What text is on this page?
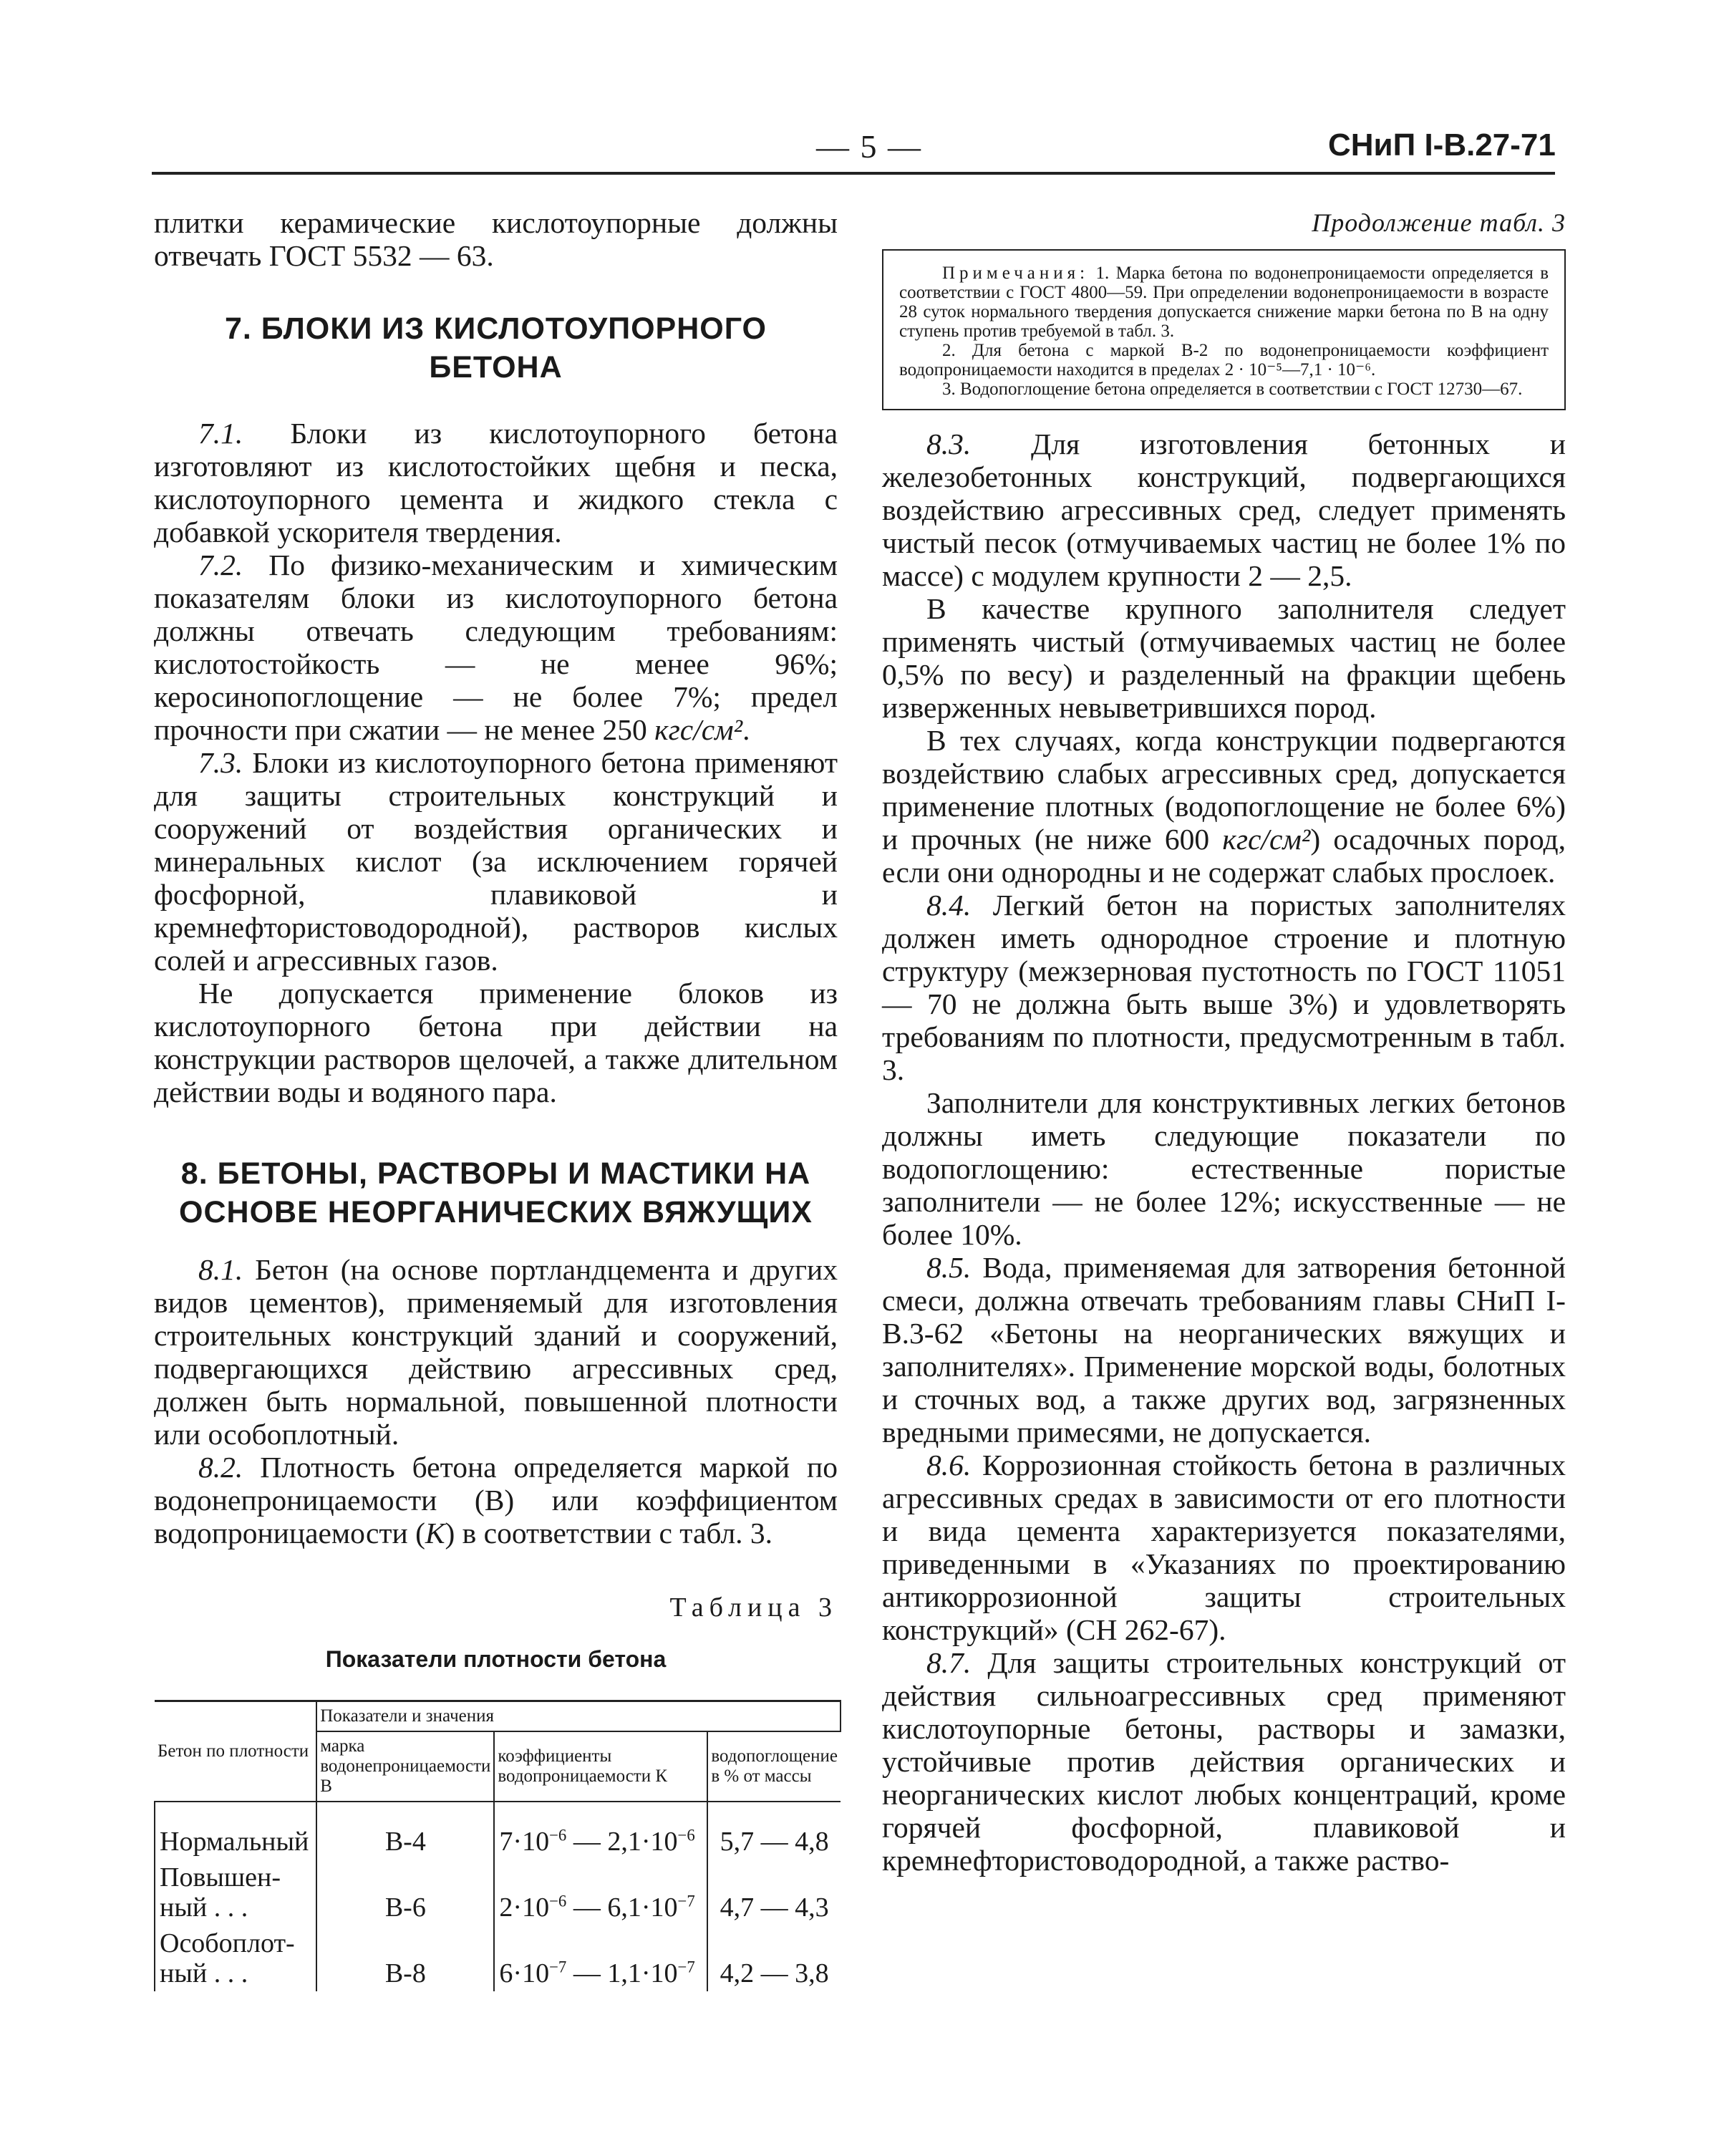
— 5 —	СНиП I-В.27-71

плитки керамические кислотоупорные должны отвечать ГОСТ 5532 — 63.

7. БЛОКИ ИЗ КИСЛОТОУПОРНОГО
БЕТОНА

7.1. Блоки из кислотоупорного бетона изготовляют из кислотостойких щебня и песка, кислотоупорного цемента и жидкого стекла с добавкой ускорителя твердения.

7.2. По физико-механическим и химическим показателям блоки из кислотоупорного бетона должны отвечать следующим требованиям: кислотостойкость — не менее 96%; керосинопоглощение — не более 7%; предел прочности при сжатии — не менее 250 кгс/см².

7.3. Блоки из кислотоупорного бетона применяют для защиты строительных конструкций и сооружений от воздействия органических и минеральных кислот (за исключением горячей фосфорной, плавиковой и кремнефтористоводородной), растворов кислых солей и агрессивных газов.

Не допускается применение блоков из кислотоупорного бетона при действии на конструкции растворов щелочей, а также длительном действии воды и водяного пара.

8. БЕТОНЫ, РАСТВОРЫ И МАСТИКИ НА
ОСНОВЕ НЕОРГАНИЧЕСКИХ ВЯЖУЩИХ

8.1. Бетон (на основе портландцемента и других видов цементов), применяемый для изготовления строительных конструкций зданий и сооружений, подвергающихся действию агрессивных сред, должен быть нормальной, повышенной плотности или особоплотный.

8.2. Плотность бетона определяется маркой по водонепроницаемости (В) или коэффициентом водопроницаемости (К) в соответствии с табл. 3.

Таблица 3
Показатели плотности бетона
Бетон по плотности	Показатели и значения		
	марка водонепроницаемости В	коэффициенты водопроницаемости К	водопоглощение в % от массы
Нормальный	В-4	$7\cdot 10^{-6}$ — $2,1\cdot 10^{-6}$	5,7 — 4,8
Повышен-
ный . . .	В-6	$2\cdot 10^{-6}$ — $6,1\cdot 10^{-7}$	4,7 — 4,3
Особоплот-
ный . . .	В-8	$6\cdot 10^{-7}$ — $1,1\cdot 10^{-7}$	4,2 — 3,8
Продолжение табл. 3

Примечания: 1. Марка бетона по водонепроницаемости определяется в соответствии с ГОСТ 4800—59. При определении водонепроницаемости в возрасте 28 суток нормального твердения допускается снижение марки бетона по В на одну ступень против требуемой в табл. 3.

2. Для бетона с маркой В-2 по водонепроницаемости коэффициент водопроницаемости находится в пределах 2 · 10⁻⁵—7,1 · 10⁻⁶.

3. Водопоглощение бетона определяется в соответствии с ГОСТ 12730—67.

8.3. Для изготовления бетонных и железобетонных конструкций, подвергающихся воздействию агрессивных сред, следует применять чистый песок (отмучиваемых частиц не более 1% по массе) с модулем крупности 2 — 2,5.

В качестве крупного заполнителя следует применять чистый (отмучиваемых частиц не более 0,5% по весу) и разделенный на фракции щебень изверженных невыветрившихся пород.

В тех случаях, когда конструкции подвергаются воздействию слабых агрессивных сред, допускается применение плотных (водопоглощение не более 6%) и прочных (не ниже 600 кгс/см²) осадочных пород, если они однородны и не содержат слабых прослоек.

8.4. Легкий бетон на пористых заполнителях должен иметь однородное строение и плотную структуру (межзерновая пустотность по ГОСТ 11051 — 70 не должна быть выше 3%) и удовлетворять требованиям по плотности, предусмотренным в табл. 3.

Заполнители для конструктивных легких бетонов должны иметь следующие показатели по водопоглощению: естественные пористые заполнители — не более 12%; искусственные — не более 10%.

8.5. Вода, применяемая для затворения бетонной смеси, должна отвечать требованиям главы СНиП I-В.3-62 «Бетоны на неорганических вяжущих и заполнителях». Применение морской воды, болотных и сточных вод, а также других вод, загрязненных вредными примесями, не допускается.

8.6. Коррозионная стойкость бетона в различных агрессивных средах в зависимости от его плотности и вида цемента характеризуется показателями, приведенными в «Указаниях по проектированию антикоррозионной защиты строительных конструкций» (СН 262-67).

8.7. Для защиты строительных конструкций от действия сильноагрессивных сред применяют кислотоупорные бетоны, растворы и замазки, устойчивые против действия органических и неорганических кислот любых концентраций, кроме горячей фосфорной, плавиковой и кремнефтористоводородной, а также раство-
